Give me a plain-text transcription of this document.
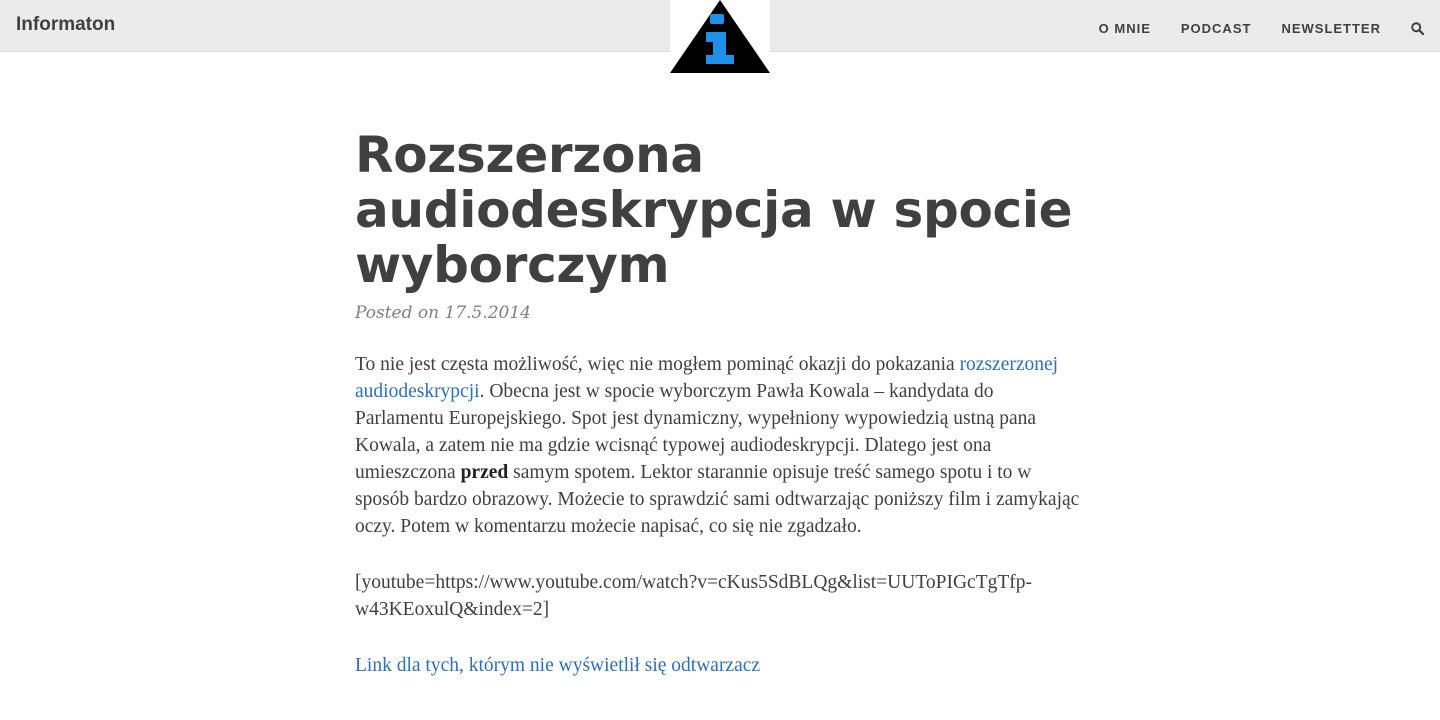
Informaton	O MNIE PODCAST NEWSLETTER
Rozszerzona audiodeskrypcja w spocie wyborczym
Posted on 17.5.2014

To nie jest częsta możliwość, więc nie mogłem pominąć okazji do pokazania rozszerzonej audiodeskrypcji. Obecna jest w spocie wyborczym Pawła Kowala – kandydata do Parlamentu Europejskiego. Spot jest dynamiczny, wypełniony wypowiedzią ustną pana Kowala, a zatem nie ma gdzie wcisnąć typowej audiodeskrypcji. Dlatego jest ona umieszczona przed samym spotem. Lektor starannie opisuje treść samego spotu i to w sposób bardzo obrazowy. Możecie to sprawdzić sami odtwarzając poniższy film i zamykając oczy. Potem w komentarzu możecie napisać, co się nie zgadzało.

[youtube=https://www.youtube.com/watch?v=cKus5SdBLQg&list=UUToPIGcTgTfp-w43KEoxulQ&index=2]

Link dla tych, którym nie wyświetlił się odtwarzacz
